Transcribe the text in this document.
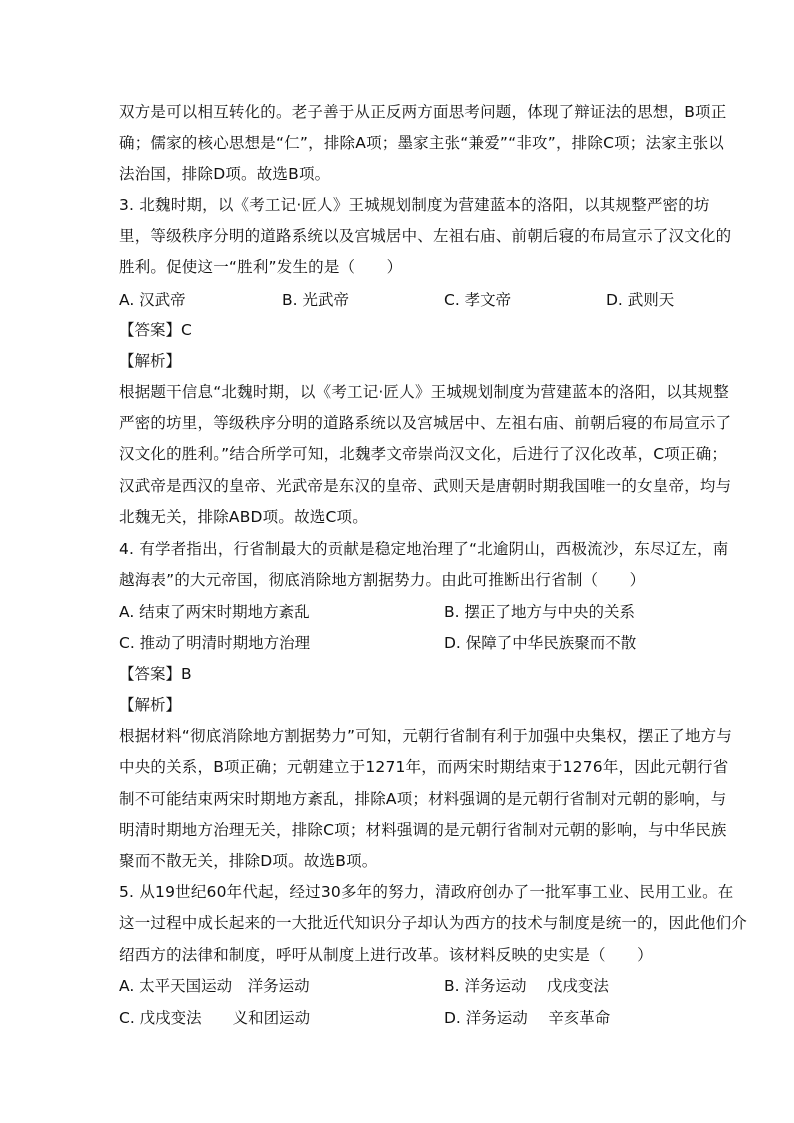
双方是可以相互转化的。老子善于从正反两方面思考问题，体现了辩证法的思想，B项正
确；儒家的核心思想是“仁”，排除A项；墨家主张“兼爱”“非攻”，排除C项；法家主张以
法治国，排除D项。故选B项。
3. 北魏时期，以《考工记·匠人》王城规划制度为营建蓝本的洛阳，以其规整严密的坊
里，等级秩序分明的道路系统以及宫城居中、左祖右庙、前朝后寝的布局宣示了汉文化的
胜利。促使这一“胜利”发生的是（　　）
A. 汉武帝	B. 光武帝	C. 孝文帝	D. 武则天
【答案】C
【解析】
根据题干信息“北魏时期，以《考工记·匠人》王城规划制度为营建蓝本的洛阳，以其规整
严密的坊里，等级秩序分明的道路系统以及宫城居中、左祖右庙、前朝后寝的布局宣示了
汉文化的胜利。”结合所学可知，北魏孝文帝崇尚汉文化，后进行了汉化改革，C项正确；
汉武帝是西汉的皇帝、光武帝是东汉的皇帝、武则天是唐朝时期我国唯一的女皇帝，均与
北魏无关，排除ABD项。故选C项。
4. 有学者指出，行省制最大的贡献是稳定地治理了“北逾阴山，西极流沙，东尽辽左，南
越海表”的大元帝国，彻底消除地方割据势力。由此可推断出行省制（　　）
A. 结束了两宋时期地方紊乱	B. 摆正了地方与中央的关系
C. 推动了明清时期地方治理	D. 保障了中华民族聚而不散
【答案】B
【解析】
根据材料“彻底消除地方割据势力”可知，元朝行省制有利于加强中央集权，摆正了地方与
中央的关系，B项正确；元朝建立于1271年，而两宋时期结束于1276年，因此元朝行省
制不可能结束两宋时期地方紊乱，排除A项；材料强调的是元朝行省制对元朝的影响，与
明清时期地方治理无关，排除C项；材料强调的是元朝行省制对元朝的影响，与中华民族
聚而不散无关，排除D项。故选B项。
5. 从19世纪60年代起，经过30多年的努力，清政府创办了一批军事工业、民用工业。在
这一过程中成长起来的一大批近代知识分子却认为西方的技术与制度是统一的，因此他们介
绍西方的法律和制度，呼吁从制度上进行改革。该材料反映的史实是（　　）
A. 太平天国运动　洋务运动	B. 洋务运动　 戊戌变法
C. 戊戌变法　　义和团运动	D. 洋务运动　 辛亥革命
